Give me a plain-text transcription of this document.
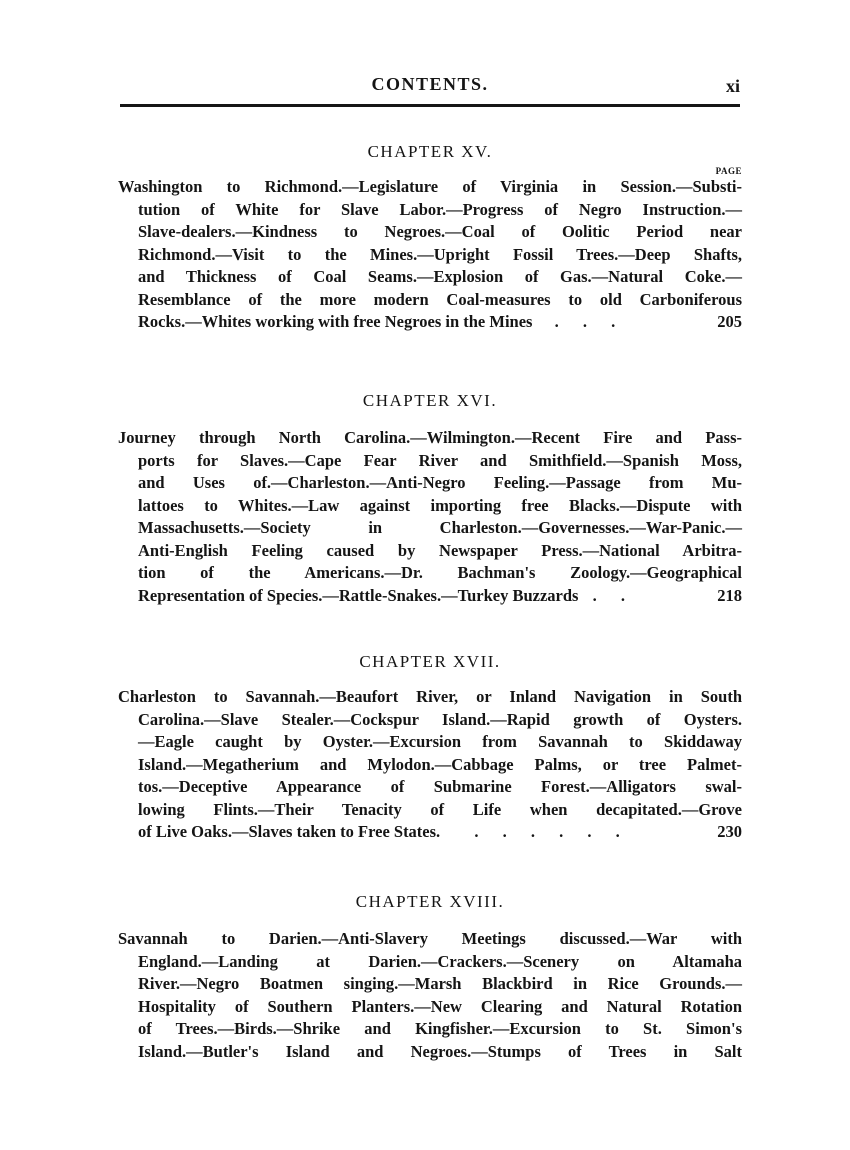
CONTENTS.	xi
CHAPTER XV.
PAGE
Washington to Richmond.—Legislature of Virginia in Session.—Substi-
tution of White for Slave Labor.—Progress of Negro Instruction.—
Slave-dealers.—Kindness to Negroes.—Coal of Oolitic Period near
Richmond.—Visit to the Mines.—Upright Fossil Trees.—Deep Shafts,
and Thickness of Coal Seams.—Explosion of Gas.—Natural Coke.—
Resemblance of the more modern Coal-measures to old Carboniferous
Rocks.—Whites working with free Negroes in the Mines . . .	205
CHAPTER XVI.
Journey through North Carolina.—Wilmington.—Recent Fire and Pass-
ports for Slaves.—Cape Fear River and Smithfield.—Spanish Moss,
and Uses of.—Charleston.—Anti-Negro Feeling.—Passage from Mu-
lattoes to Whites.—Law against importing free Blacks.—Dispute with
Massachusetts.—Society in Charleston.—Governesses.—War-Panic.—
Anti-English Feeling caused by Newspaper Press.—National Arbitra-
tion of the Americans.—Dr. Bachman's Zoology.—Geographical
Representation of Species.—Rattle-Snakes.—Turkey Buzzards . .	218
CHAPTER XVII.
Charleston to Savannah.—Beaufort River, or Inland Navigation in South
Carolina.—Slave Stealer.—Cockspur Island.—Rapid growth of Oysters.
—Eagle caught by Oyster.—Excursion from Savannah to Skiddaway
Island.—Megatherium and Mylodon.—Cabbage Palms, or tree Palmet-
tos.—Deceptive Appearance of Submarine Forest.—Alligators swal-
lowing Flints.—Their Tenacity of Life when decapitated.—Grove
of Live Oaks.—Slaves taken to Free States. . . . . . .	230
CHAPTER XVIII.
Savannah to Darien.—Anti-Slavery Meetings discussed.—War with
England.—Landing at Darien.—Crackers.—Scenery on Altamaha
River.—Negro Boatmen singing.—Marsh Blackbird in Rice Grounds.—
Hospitality of Southern Planters.—New Clearing and Natural Rotation
of Trees.—Birds.—Shrike and Kingfisher.—Excursion to St. Simon's
Island.—Butler's Island and Negroes.—Stumps of Trees in Salt
